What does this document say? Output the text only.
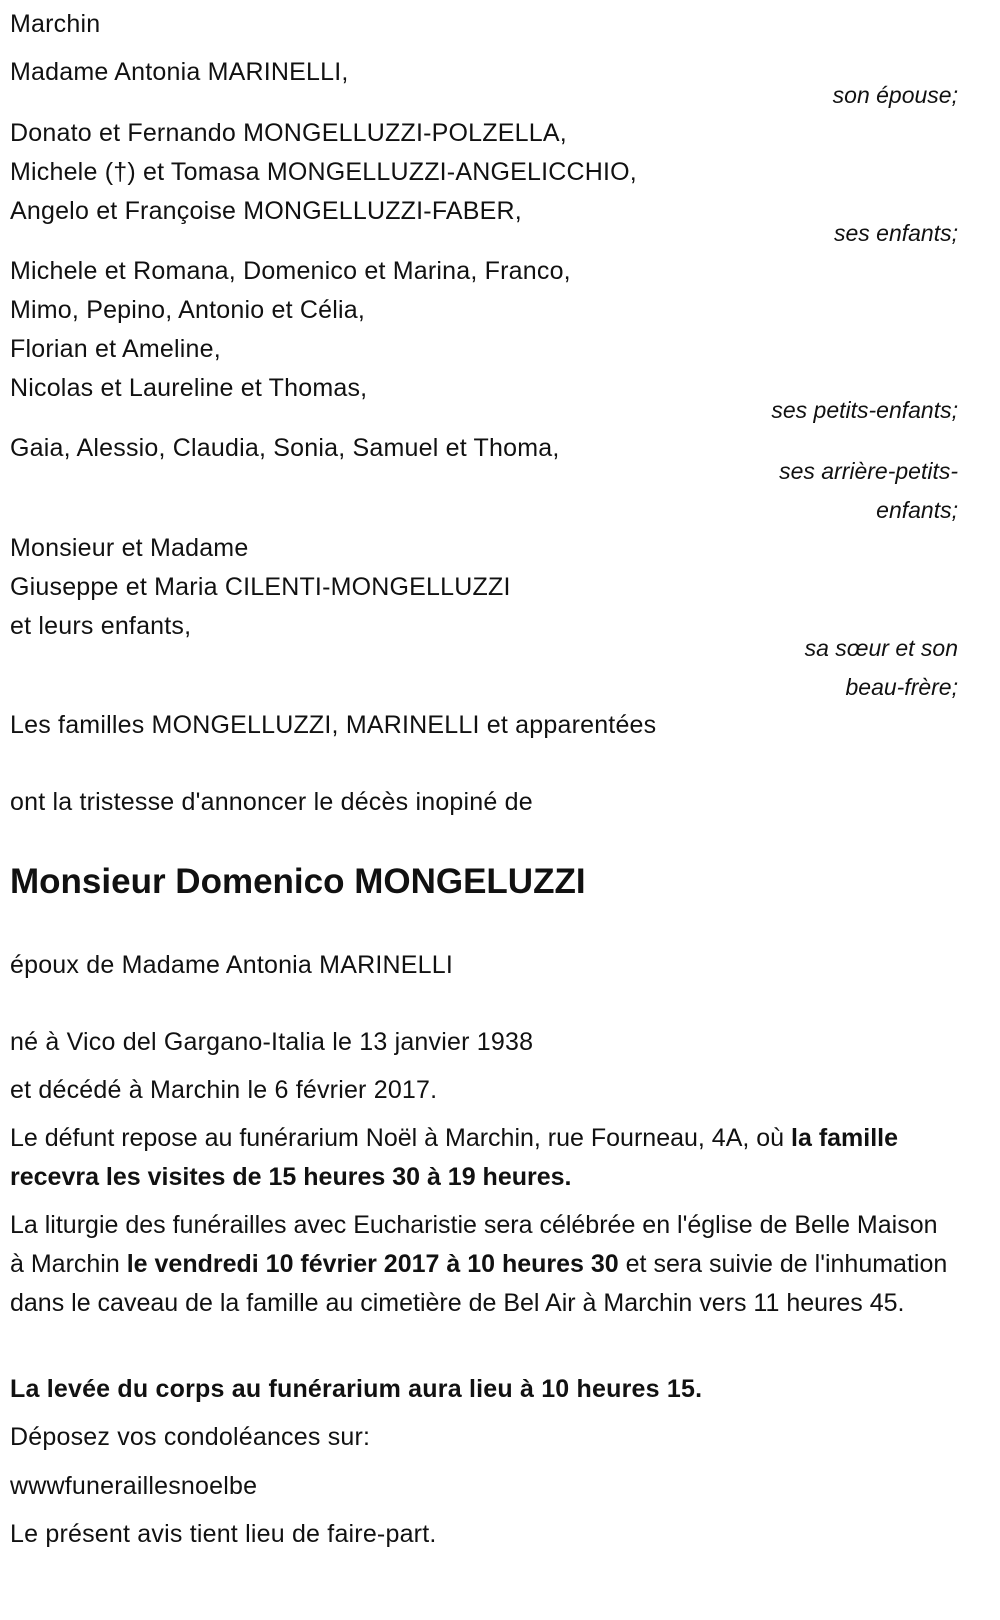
Marchin
Madame Antonia MARINELLI,
son épouse;
Donato et Fernando MONGELLUZZI-POLZELLA,
Michele (†) et Tomasa MONGELLUZZI-ANGELICCHIO,
Angelo et Françoise MONGELLUZZI-FABER,
ses enfants;
Michele et Romana, Domenico et Marina, Franco,
Mimo, Pepino, Antonio et Célia,
Florian et Ameline,
Nicolas et Laureline et Thomas,
ses petits-enfants;
Gaia, Alessio, Claudia, Sonia, Samuel et Thoma,
ses arrière-petits-
enfants;
Monsieur et Madame
Giuseppe et Maria CILENTI-MONGELLUZZI
et leurs enfants,
sa sœur et son
beau-frère;
Les familles MONGELLUZZI, MARINELLI et apparentées
ont la tristesse d'annoncer le décès inopiné de
Monsieur Domenico MONGELUZZI
époux de Madame Antonia MARINELLI
né à Vico del Gargano-Italia le 13 janvier 1938
et décédé à Marchin le 6 février 2017.
Le défunt repose au funérarium Noël à Marchin, rue Fourneau, 4A, où la famille recevra les visites de 15 heures 30 à 19 heures.
La liturgie des funérailles avec Eucharistie sera célébrée en l'église de Belle Maison à Marchin le vendredi 10 février 2017 à 10 heures 30 et sera suivie de l'inhumation dans le caveau de la famille au cimetière de Bel Air à Marchin vers 11 heures 45.
La levée du corps au funérarium aura lieu à 10 heures 15.
Déposez vos condoléances sur:
wwwfuneraillesnoelbe
Le présent avis tient lieu de faire-part.
